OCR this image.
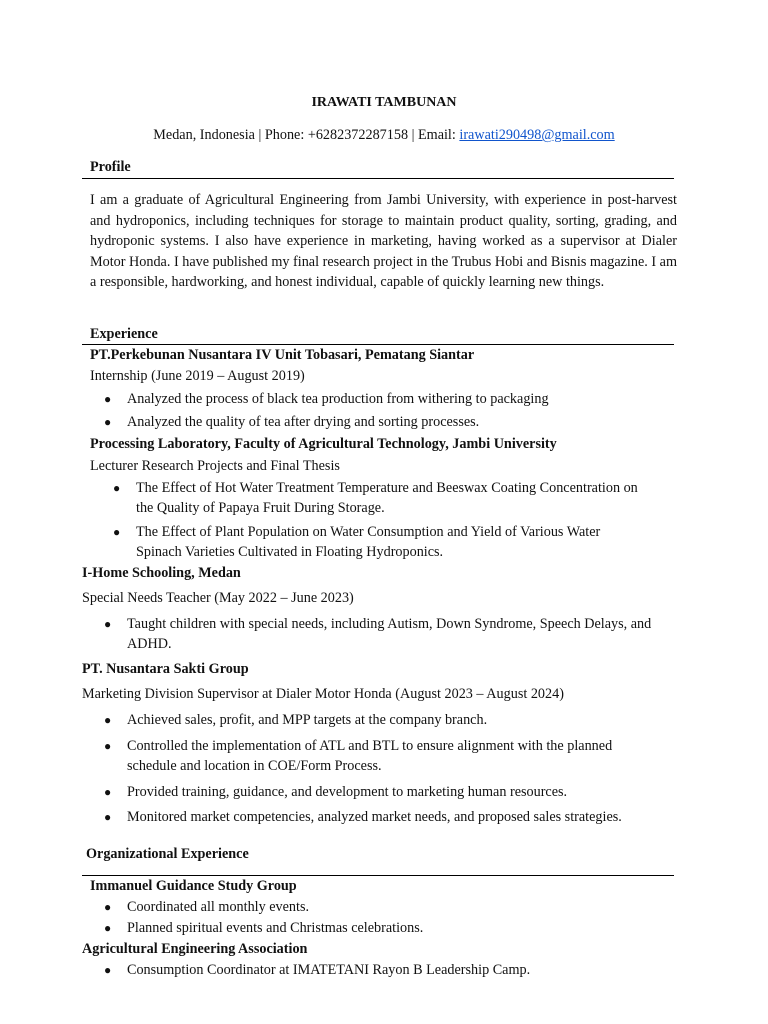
IRAWATI TAMBUNAN
Medan, Indonesia | Phone: +6282372287158 | Email: irawati290498@gmail.com
Profile
I am a graduate of Agricultural Engineering from Jambi University, with experience in post-harvest and hydroponics, including techniques for storage to maintain product quality, sorting, grading, and hydroponic systems. I also have experience in marketing, having worked as a supervisor at Dialer Motor Honda. I have published my final research project in the Trubus Hobi and Bisnis magazine. I am a responsible, hardworking, and honest individual, capable of quickly learning new things.
Experience
PT.Perkebunan Nusantara IV Unit Tobasari, Pematang Siantar
Internship (June 2019 – August 2019)
● Analyzed the process of black tea production from withering to packaging
● Analyzed the quality of tea after drying and sorting processes.
Processing Laboratory, Faculty of Agricultural Technology, Jambi University
Lecturer Research Projects and Final Thesis
● The Effect of Hot Water Treatment Temperature and Beeswax Coating Concentration on
the Quality of Papaya Fruit During Storage.
● The Effect of Plant Population on Water Consumption and Yield of Various Water
Spinach Varieties Cultivated in Floating Hydroponics.
I-Home Schooling, Medan
Special Needs Teacher (May 2022 – June 2023)
● Taught children with special needs, including Autism, Down Syndrome, Speech Delays, and
ADHD.
PT. Nusantara Sakti Group
Marketing Division Supervisor at Dialer Motor Honda (August 2023 – August 2024)
● Achieved sales, profit, and MPP targets at the company branch.
● Controlled the implementation of ATL and BTL to ensure alignment with the planned
schedule and location in COE/Form Process.
● Provided training, guidance, and development to marketing human resources.
● Monitored market competencies, analyzed market needs, and proposed sales strategies.
Organizational Experience
Immanuel Guidance Study Group
● Coordinated all monthly events.
● Planned spiritual events and Christmas celebrations.
Agricultural Engineering Association
● Consumption Coordinator at IMATETANI Rayon B Leadership Camp.
